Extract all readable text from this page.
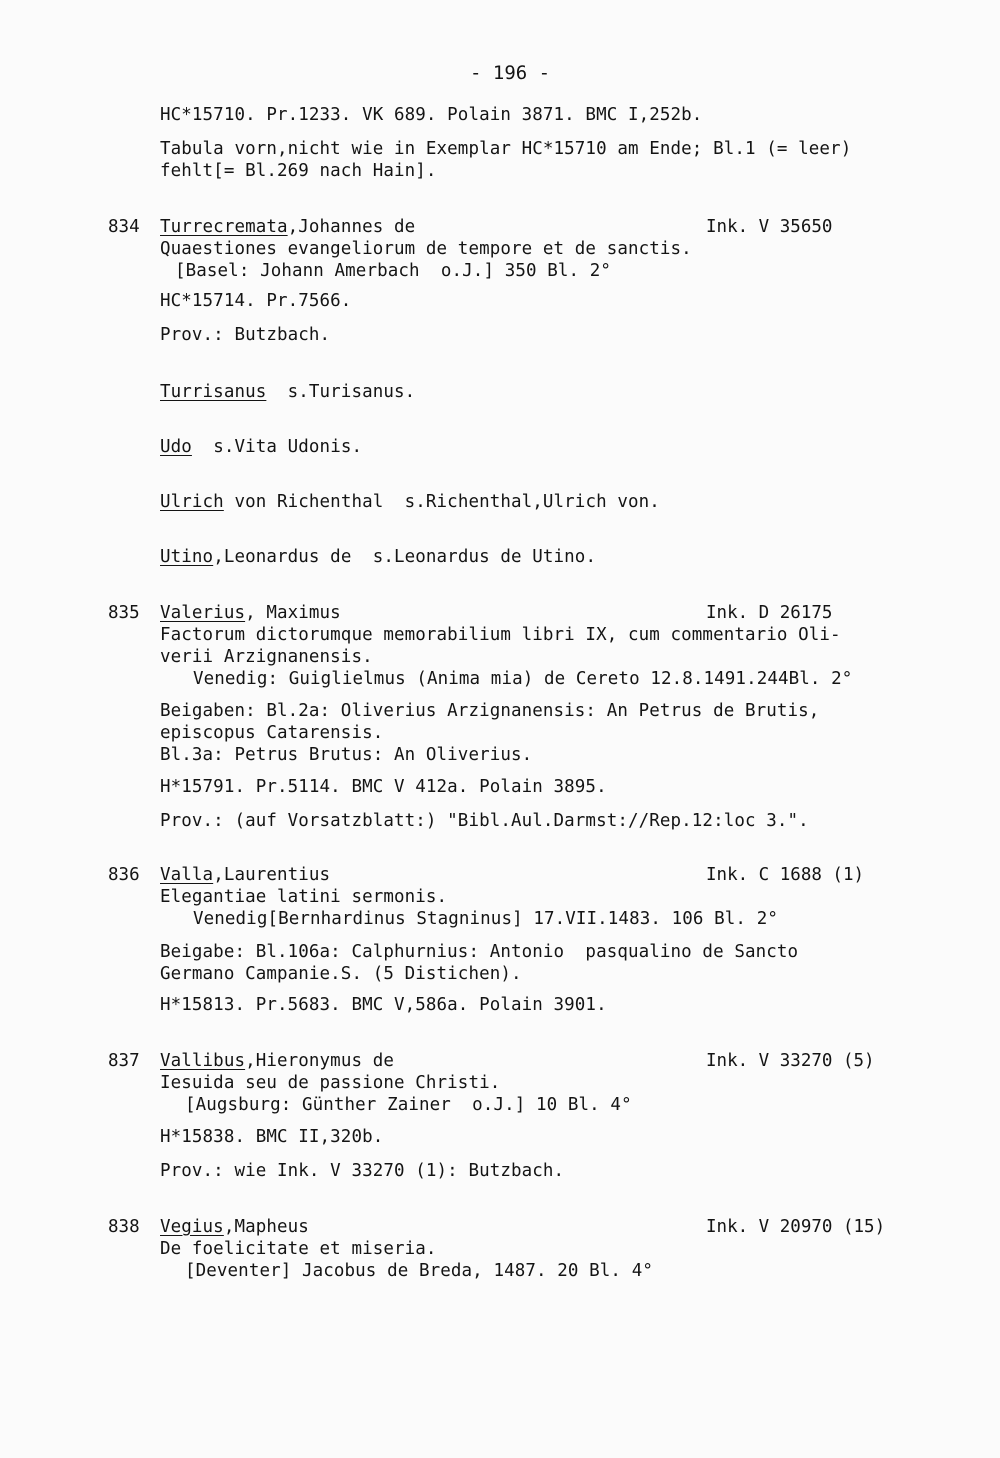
- 196 -
HC*15710. Pr.1233. VK 689. Polain 3871. BMC I,252b.
Tabula vorn,nicht wie in Exemplar HC*15710 am Ende; Bl.1 (= leer)
fehlt[= Bl.269 nach Hain].
834 Turrecremata,Johannes de	Ink. V 35650
Quaestiones evangeliorum de tempore et de sanctis.
[Basel: Johann Amerbach  o.J.] 350 Bl. 2°
HC*15714. Pr.7566.
Prov.: Butzbach.
Turrisanus  s.Turisanus.
Udo  s.Vita Udonis.
Ulrich von Richenthal  s.Richenthal,Ulrich von.
Utino,Leonardus de  s.Leonardus de Utino.
835 Valerius, Maximus	Ink. D 26175
Factorum dictorumque memorabilium libri IX, cum commentario Oli-
verii Arzignanensis.
Venedig: Guiglielmus (Anima mia) de Cereto 12.8.1491.244Bl. 2°
Beigaben: Bl.2a: Oliverius Arzignanensis: An Petrus de Brutis,
episcopus Catarensis.
Bl.3a: Petrus Brutus: An Oliverius.
H*15791. Pr.5114. BMC V 412a. Polain 3895.
Prov.: (auf Vorsatzblatt:) "Bibl.Aul.Darmst://Rep.12:loc 3.".
836 Valla,Laurentius	Ink. C 1688 (1)
Elegantiae latini sermonis.
Venedig[Bernhardinus Stagninus] 17.VII.1483. 106 Bl. 2°
Beigabe: Bl.106a: Calphurnius: Antonio  pasqualino de Sancto
Germano Campanie.S. (5 Distichen).
H*15813. Pr.5683. BMC V,586a. Polain 3901.
837 Vallibus,Hieronymus de	Ink. V 33270 (5)
Iesuida seu de passione Christi.
[Augsburg: Günther Zainer  o.J.] 10 Bl. 4°
H*15838. BMC II,320b.
Prov.: wie Ink. V 33270 (1): Butzbach.
838 Vegius,Mapheus	Ink. V 20970 (15)
De foelicitate et miseria.
[Deventer] Jacobus de Breda, 1487. 20 Bl. 4°
